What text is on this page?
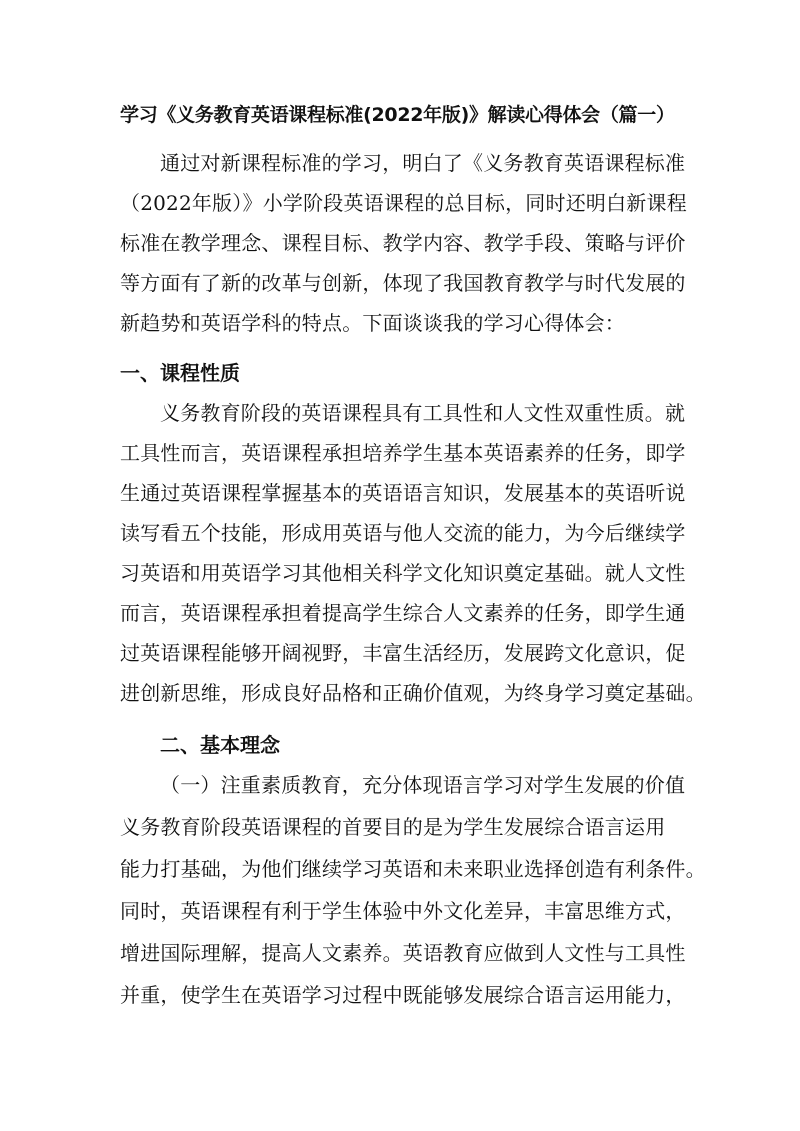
学习《义务教育英语课程标准(2022年版)》解读心得体会（篇一）
通过对新课程标准的学习，明白了《义务教育英语课程标准
（2022年版）》小学阶段英语课程的总目标，同时还明白新课程
标准在教学理念、课程目标、教学内容、教学手段、策略与评价
等方面有了新的改革与创新，体现了我国教育教学与时代发展的
新趋势和英语学科的特点。下面谈谈我的学习心得体会：
一、课程性质
义务教育阶段的英语课程具有工具性和人文性双重性质。就
工具性而言，英语课程承担培养学生基本英语素养的任务，即学
生通过英语课程掌握基本的英语语言知识，发展基本的英语听说
读写看五个技能，形成用英语与他人交流的能力，为今后继续学
习英语和用英语学习其他相关科学文化知识奠定基础。就人文性
而言，英语课程承担着提高学生综合人文素养的任务，即学生通
过英语课程能够开阔视野，丰富生活经历，发展跨文化意识，促
进创新思维，形成良好品格和正确价值观，为终身学习奠定基础。
二、基本理念
（一）注重素质教育，充分体现语言学习对学生发展的价值
义务教育阶段英语课程的首要目的是为学生发展综合语言运用
能力打基础，为他们继续学习英语和未来职业选择创造有利条件。
同时，英语课程有利于学生体验中外文化差异，丰富思维方式，
增进国际理解，提高人文素养。英语教育应做到人文性与工具性
并重，使学生在英语学习过程中既能够发展综合语言运用能力，
